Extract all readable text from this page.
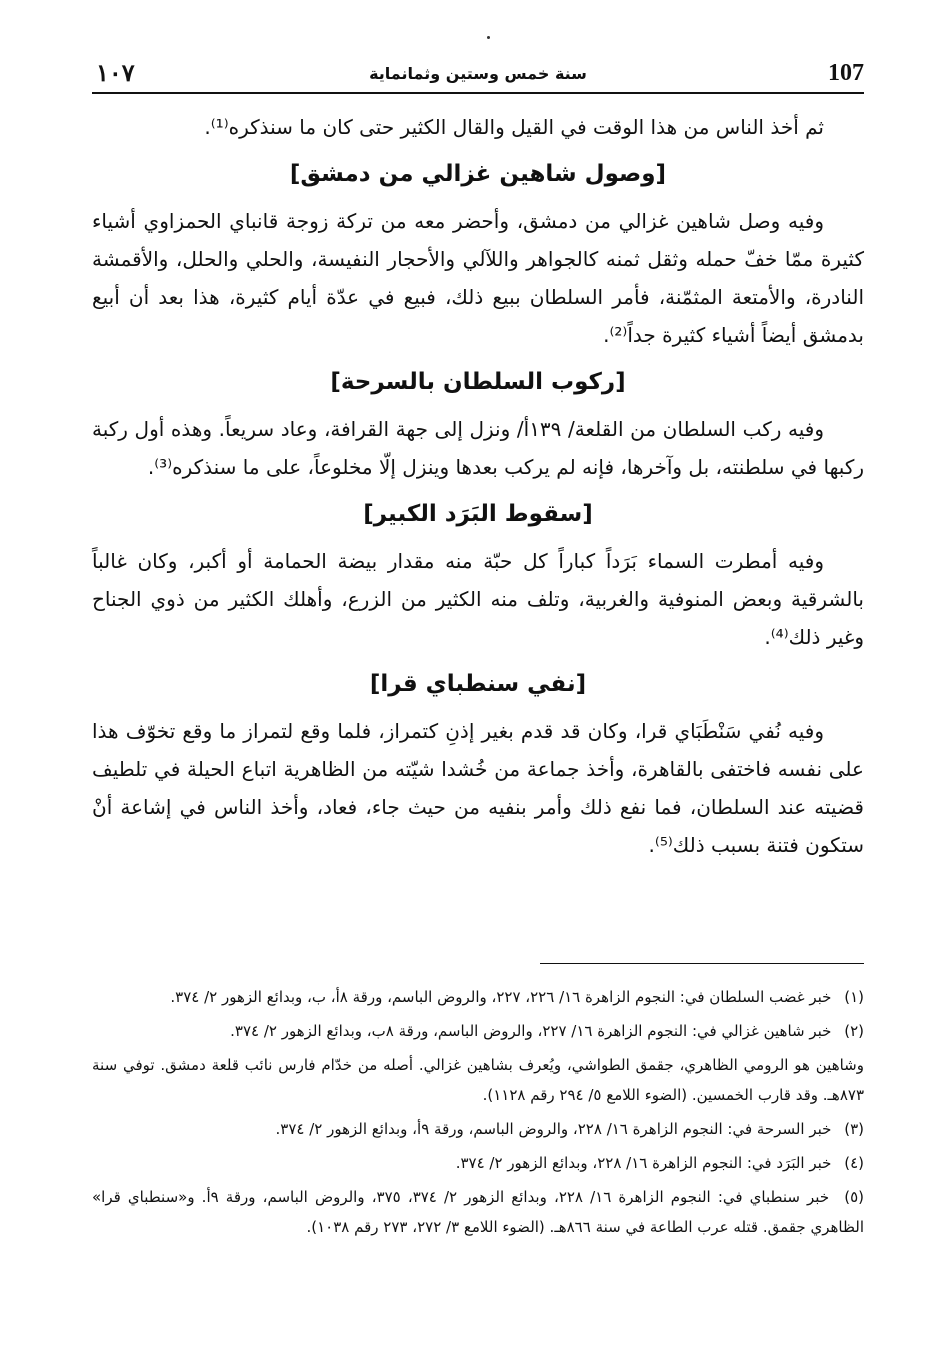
107
سنة خمس وستين وثمانماية
١٠٧

ثم أخذ الناس من هذا الوقت في القيل والقال الكثير حتى كان ما سنذكره⁽¹⁾.

[وصول شاهين غزالي من دمشق]

وفيه وصل شاهين غزالي من دمشق، وأحضر معه من تركة زوجة قانباي الحمزاوي أشياء كثيرة ممّا خفّ حمله وثقل ثمنه كالجواهر واللآلي والأحجار النفيسة، والحلي والحلل، والأقمشة النادرة، والأمتعة المثمّنة، فأمر السلطان ببيع ذلك، فبيع في عدّة أيام كثيرة، هذا بعد أن أبيع بدمشق أيضاً أشياء كثيرة جداً⁽²⁾.

[ركوب السلطان بالسرحة]

وفيه ركب السلطان من القلعة/ ١٣٩أ/ ونزل إلى جهة القرافة، وعاد سريعاً. وهذه أول ركبة ركبها في سلطنته، بل وآخرها، فإنه لم يركب بعدها وينزل إلّا مخلوعاً، على ما سنذكره⁽³⁾.

[سقوط البَرَد الكبير]

وفيه أمطرت السماء بَرَداً كباراً كل حبّة منه مقدار بيضة الحمامة أو أكبر، وكان غالباً بالشرقية وبعض المنوفية والغربية، وتلف منه الكثير من الزرع، وأهلك الكثير من ذوي الجناح وغير ذلك⁽⁴⁾.

[نفي سنطباي قرا]

وفيه نُفي سَنْطَبَاي قرا، وكان قد قدم بغير إذنِ كتمراز، فلما وقع لتمراز ما وقع تخوّف هذا على نفسه فاختفى بالقاهرة، وأخذ جماعة من خُشدا شيّته من الظاهرية اتباع الحيلة في تلطيف قضيته عند السلطان، فما نفع ذلك وأمر بنفيه من حيث جاء، فعاد، وأخذ الناس في إشاعة أنْ ستكون فتنة بسبب ذلك⁽⁵⁾.

(١) خبر غضب السلطان في: النجوم الزاهرة ١٦/ ٢٢٦، ٢٢٧، والروض الباسم، ورقة ٨أ، ب، وبدائع الزهور ٢/ ٣٧٤.

(٢) خبر شاهين غزالي في: النجوم الزاهرة ١٦/ ٢٢٧، والروض الباسم، ورقة ٨ب، وبدائع الزهور ٢/ ٣٧٤.

وشاهين هو الرومي الظاهري، جقمق الطواشي، ويُعرف بشاهين غزالي. أصله من خدّام فارس نائب قلعة دمشق. توفي سنة ٨٧٣هـ. وقد قارب الخمسين. (الضوء اللامع ٥/ ٢٩٤ رقم ١١٢٨).

(٣) خبر السرحة في: النجوم الزاهرة ١٦/ ٢٢٨، والروض الباسم، ورقة ٩أ، وبدائع الزهور ٢/ ٣٧٤.

(٤) خبر البَرَد في: النجوم الزاهرة ١٦/ ٢٢٨، وبدائع الزهور ٢/ ٣٧٤.

(٥) خبر سنطباي في: النجوم الزاهرة ١٦/ ٢٢٨، وبدائع الزهور ٢/ ٣٧٤، ٣٧٥، والروض الباسم، ورقة ٩أ. و«سنطباي قرا» الظاهري جقمق. قتله عرب الطاعة في سنة ٨٦٦هـ. (الضوء اللامع ٣/ ٢٧٢، ٢٧٣ رقم ١٠٣٨).
